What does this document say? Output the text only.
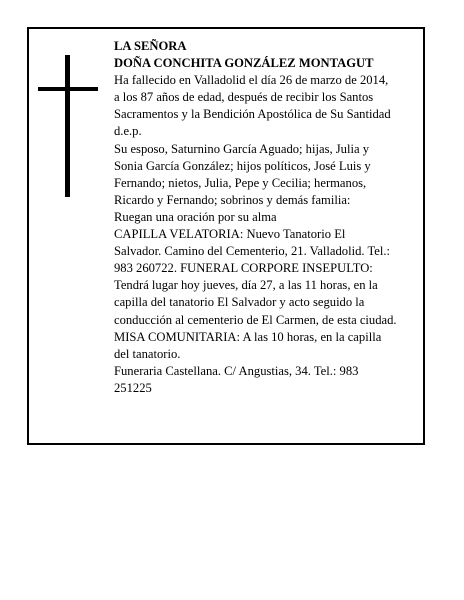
LA SEÑORA
DOÑA CONCHITA GONZÁLEZ MONTAGUT
Ha fallecido en Valladolid el día 26 de marzo de 2014,
a los 87 años de edad, después de recibir los Santos
Sacramentos y la Bendición Apostólica de Su Santidad
d.e.p.
Su esposo, Saturnino García Aguado; hijas, Julia y
Sonia García González; hijos políticos, José Luis y
Fernando; nietos, Julia, Pepe y Cecilia; hermanos,
Ricardo y Fernando; sobrinos y demás familia:
Ruegan una oración por su alma
CAPILLA VELATORIA: Nuevo Tanatorio El
Salvador. Camino del Cementerio, 21. Valladolid. Tel.:
983 260722. FUNERAL CORPORE INSEPULTO:
Tendrá lugar hoy jueves, día 27, a las 11 horas, en la
capilla del tanatorio El Salvador y acto seguido la
conducción al cementerio de El Carmen, de esta ciudad.
MISA COMUNITARIA: A las 10 horas, en la capilla
del tanatorio.
Funeraria Castellana. C/ Angustias, 34. Tel.: 983
251225
